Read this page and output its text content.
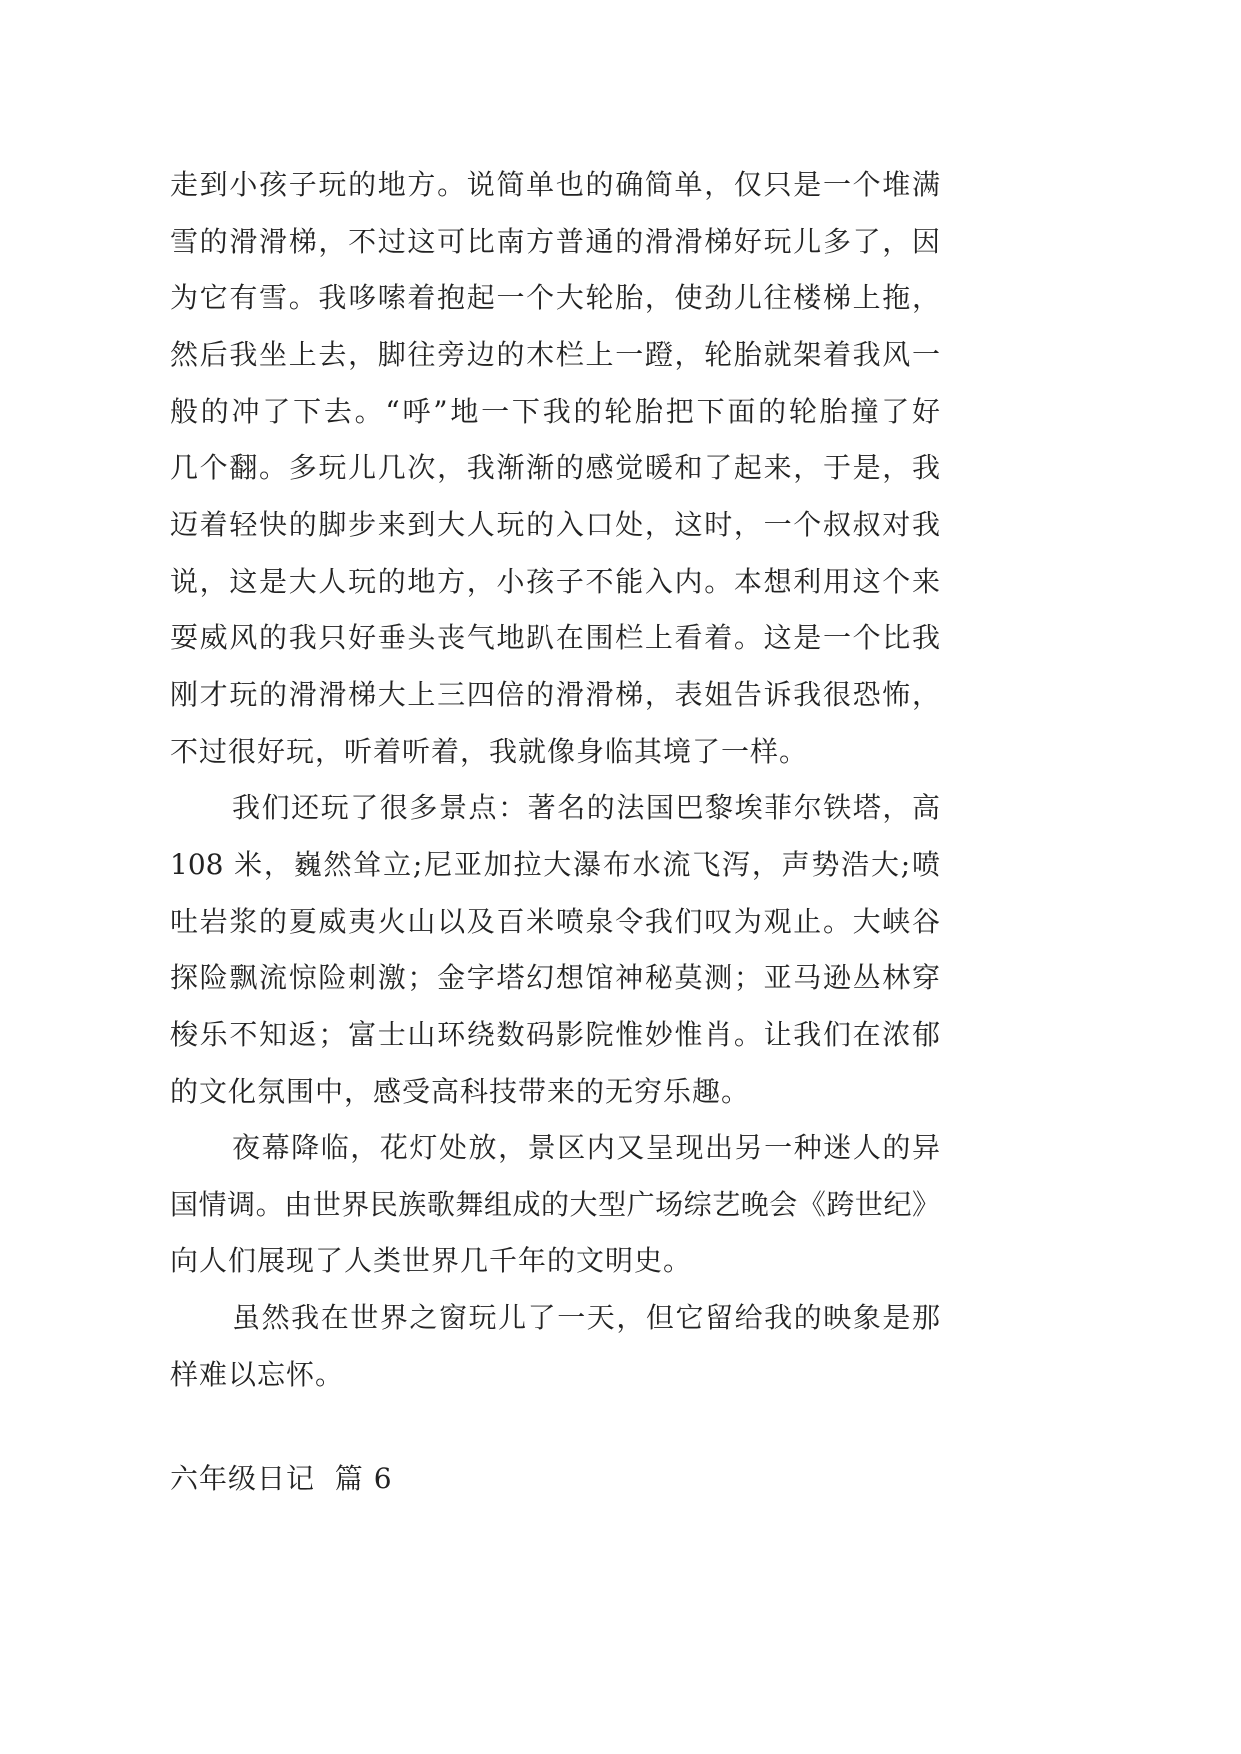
走到小孩子玩的地方。说简单也的确简单，仅只是一个堆满
雪的滑滑梯，不过这可比南方普通的滑滑梯好玩儿多了，因
为它有雪。我哆嗦着抱起一个大轮胎，使劲儿往楼梯上拖，
然后我坐上去，脚往旁边的木栏上一蹬，轮胎就架着我风一
般的冲了下去。“呼”地一下我的轮胎把下面的轮胎撞了好
几个翻。多玩儿几次，我渐渐的感觉暖和了起来，于是，我
迈着轻快的脚步来到大人玩的入口处，这时，一个叔叔对我
说，这是大人玩的地方，小孩子不能入内。本想利用这个来
耍威风的我只好垂头丧气地趴在围栏上看着。这是一个比我
刚才玩的滑滑梯大上三四倍的滑滑梯，表姐告诉我很恐怖，
不过很好玩，听着听着，我就像身临其境了一样。
我们还玩了很多景点：著名的法国巴黎埃菲尔铁塔，高
108 米，巍然耸立;尼亚加拉大瀑布水流飞泻，声势浩大;喷
吐岩浆的夏威夷火山以及百米喷泉令我们叹为观止。大峡谷
探险飘流惊险刺激；金字塔幻想馆神秘莫测；亚马逊丛林穿
梭乐不知返；富士山环绕数码影院惟妙惟肖。让我们在浓郁
的文化氛围中，感受高科技带来的无穷乐趣。
夜幕降临，花灯处放，景区内又呈现出另一种迷人的异
国情调。由世界民族歌舞组成的大型广场综艺晚会《跨世纪》
向人们展现了人类世界几千年的文明史。
虽然我在世界之窗玩儿了一天，但它留给我的映象是那
样难以忘怀。
六年级日记  篇 6
